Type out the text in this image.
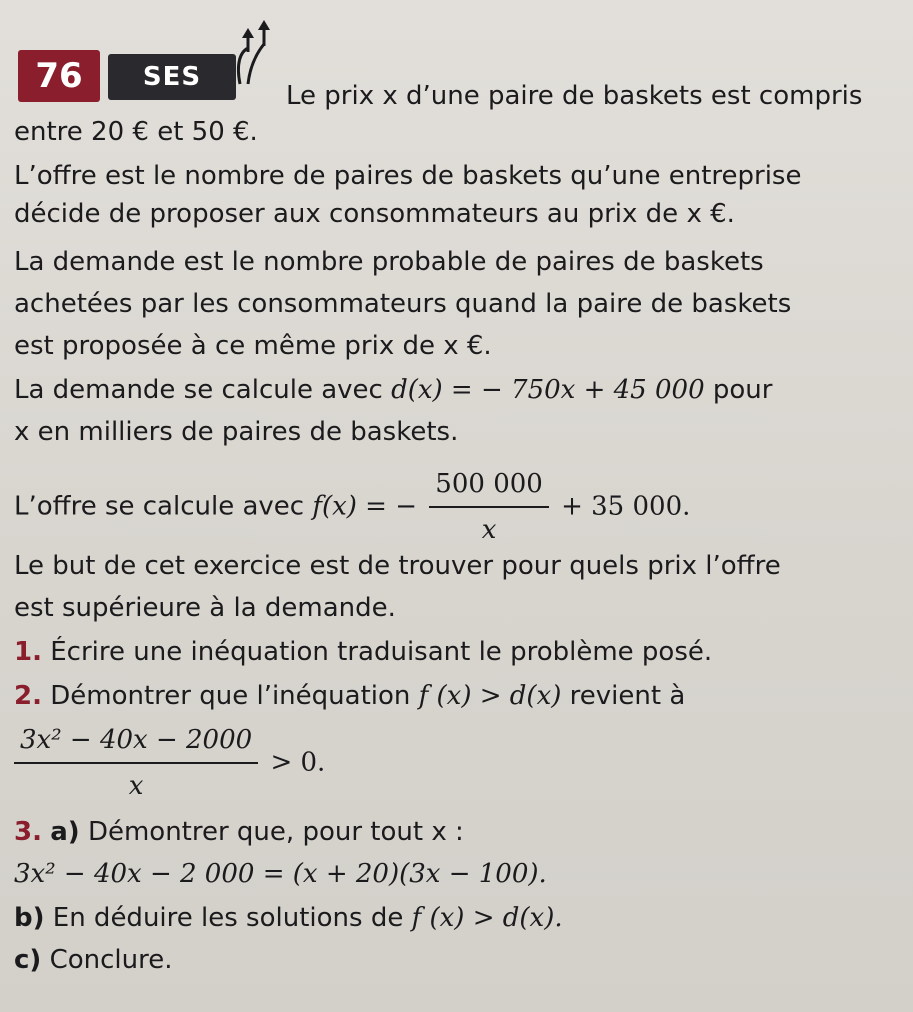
76	SES
Le prix x d’une paire de baskets est compris
entre 20 € et 50 €.
L’offre est le nombre de paires de baskets qu’une entreprise
décide de proposer aux consommateurs au prix de x €.
La demande est le nombre probable de paires de baskets
achetées par les consommateurs quand la paire de baskets
est proposée à ce même prix de x €.
La demande se calcule avec d(x) = − 750x + 45 000 pour
x en milliers de paires de baskets.
L’offre se calcule avec f(x) = − $\frac{500 000}{x} + 35$ 000.
Le but de cet exercice est de trouver pour quels prix l’offre
est supérieure à la demande.
1. Écrire une inéquation traduisant le problème posé.
2. Démontrer que l’inéquation f (x) > d(x) revient à
$\frac{\text{3x² − 40x − 2000}}{x} > 0$.
3. a) Démontrer que, pour tout x :
3x² − 40x − 2 000 = (x + 20)(3x − 100).
b) En déduire les solutions de f (x) > d(x).
c) Conclure.
